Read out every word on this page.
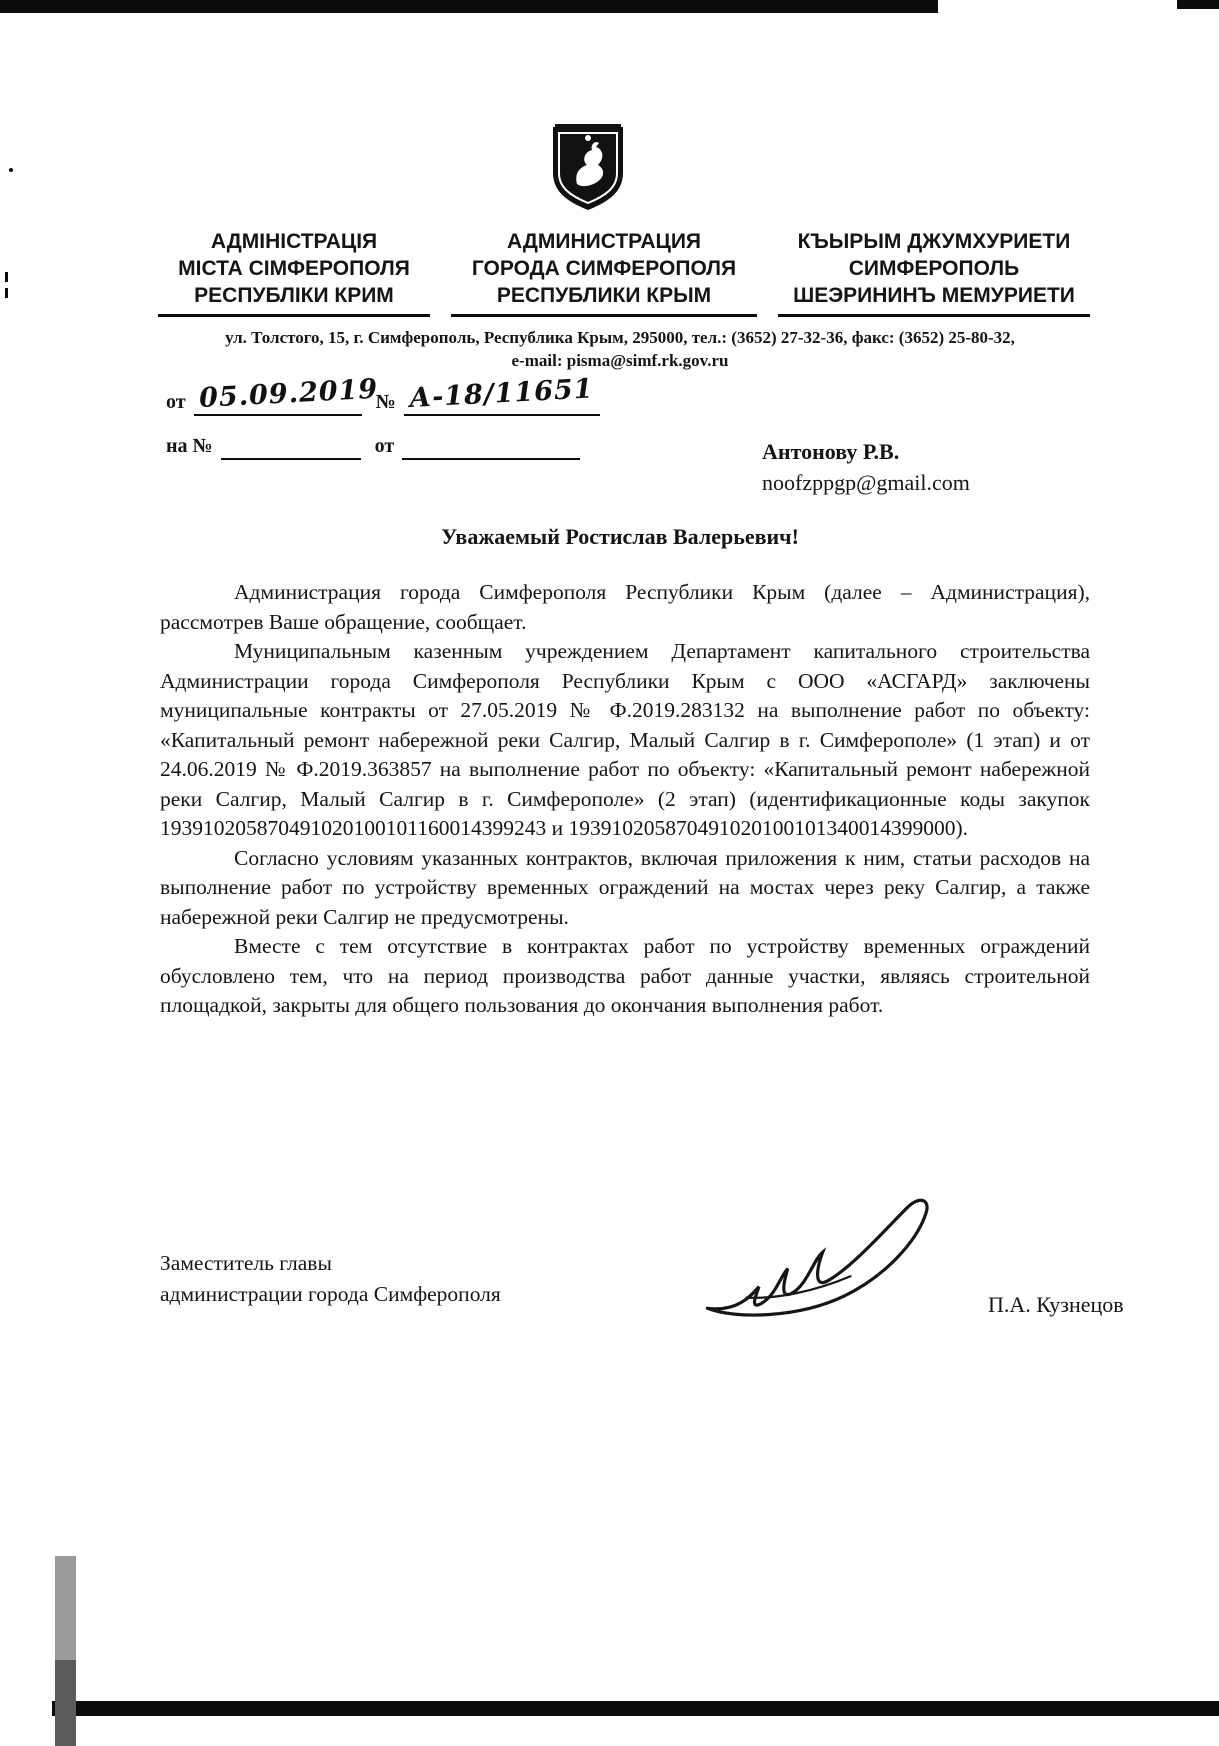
АДМІНІСТРАЦІЯ
МІСТА СІМФЕРОПОЛЯ
РЕСПУБЛІКИ КРИМ
АДМИНИСТРАЦИЯ
ГОРОДА СИМФЕРОПОЛЯ
РЕСПУБЛИКИ КРЫМ
КЪЫРЫМ ДЖУМХУРИЕТИ
СИМФЕРОПОЛЬ
ШЕЭРИНИНЪ МЕМУРИЕТИ
ул. Толстого, 15, г. Симферополь, Республика Крым, 295000, тел.: (3652) 27-32-36, факс: (3652) 25-80-32,
e-mail: pisma@simf.rk.gov.ru
от 05.09.2019
№ А-18/11651
на №	от	Антонову Р.В.
noofzppgp@gmail.com
Уважаемый Ростислав Валерьевич!

Администрация города Симферополя Республики Крым (далее – Администрация), рассмотрев Ваше обращение, сообщает.

Муниципальным казенным учреждением Департамент капитального строительства Администрации города Симферополя Республики Крым с ООО «АСГАРД» заключены муниципальные контракты от 27.05.2019 № Ф.2019.283132 на выполнение работ по объекту: «Капитальный ремонт набережной реки Салгир, Малый Салгир в г. Симферополе» (1 этап) и от 24.06.2019 № Ф.2019.363857 на выполнение работ по объекту: «Капитальный ремонт набережной реки Салгир, Малый Салгир в г. Симферополе» (2 этап) (идентификационные коды закупок 193910205870491020100101160014399243 и 193910205870491020100101340014399000).

Согласно условиям указанных контрактов, включая приложения к ним, статьи расходов на выполнение работ по устройству временных ограждений на мостах через реку Салгир, а также набережной реки Салгир не предусмотрены.

Вместе с тем отсутствие в контрактах работ по устройству временных ограждений обусловлено тем, что на период производства работ данные участки, являясь строительной площадкой, закрыты для общего пользования до окончания выполнения работ.

Заместитель главы
администрации города Симферополя	П.А. Кузнецов
